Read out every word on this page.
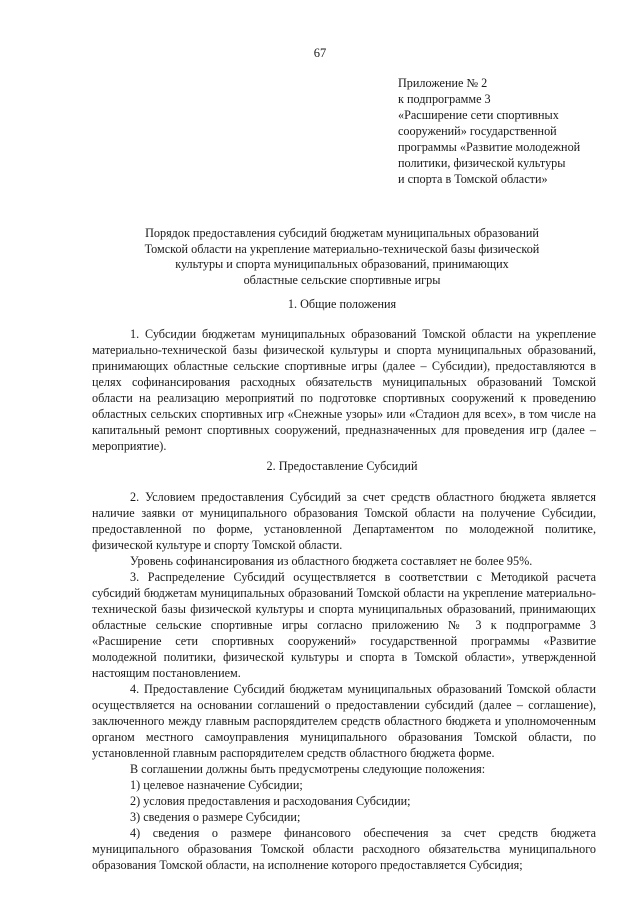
67
Приложение № 2
к подпрограмме 3
«Расширение сети спортивных
сооружений» государственной
программы «Развитие молодежной
политики, физической культуры
и спорта в Томской области»
Порядок предоставления субсидий бюджетам муниципальных образований
Томской области на укрепление материально-технической базы физической
культуры и спорта муниципальных образований, принимающих
областные сельские спортивные игры
1. Общие положения

1. Субсидии бюджетам муниципальных образований Томской области на укрепление материально-технической базы физической культуры и спорта муниципальных образований, принимающих областные сельские спортивные игры (далее – Субсидии), предоставляются в целях софинансирования расходных обязательств муниципальных образований Томской области на реализацию мероприятий по подготовке спортивных сооружений к проведению областных сельских спортивных игр «Снежные узоры» или «Стадион для всех», в том числе на капитальный ремонт спортивных сооружений, предназначенных для проведения игр (далее – мероприятие).

2. Предоставление Субсидий

2. Условием предоставления Субсидий за счет средств областного бюджета является наличие заявки от муниципального образования Томской области на получение Субсидии, предоставленной по форме, установленной Департаментом по молодежной политике, физической культуре и спорту Томской области.

Уровень софинансирования из областного бюджета составляет не более 95%.

3. Распределение Субсидий осуществляется в соответствии с Методикой расчета субсидий бюджетам муниципальных образований Томской области на укрепление материально-технической базы физической культуры и спорта муниципальных образований, принимающих областные сельские спортивные игры согласно приложению № 3 к подпрограмме 3 «Расширение сети спортивных сооружений» государственной программы «Развитие молодежной политики, физической культуры и спорта в Томской области», утвержденной настоящим постановлением.

4. Предоставление Субсидий бюджетам муниципальных образований Томской области осуществляется на основании соглашений о предоставлении субсидий (далее – соглашение), заключенного между главным распорядителем средств областного бюджета и уполномоченным органом местного самоуправления муниципального образования Томской области, по установленной главным распорядителем средств областного бюджета форме.

В соглашении должны быть предусмотрены следующие положения:

1) целевое назначение Субсидии;

2) условия предоставления и расходования Субсидии;

3) сведения о размере Субсидии;

4) сведения о размере финансового обеспечения за счет средств бюджета муниципального образования Томской области расходного обязательства муниципального образования Томской области, на исполнение которого предоставляется Субсидия;
